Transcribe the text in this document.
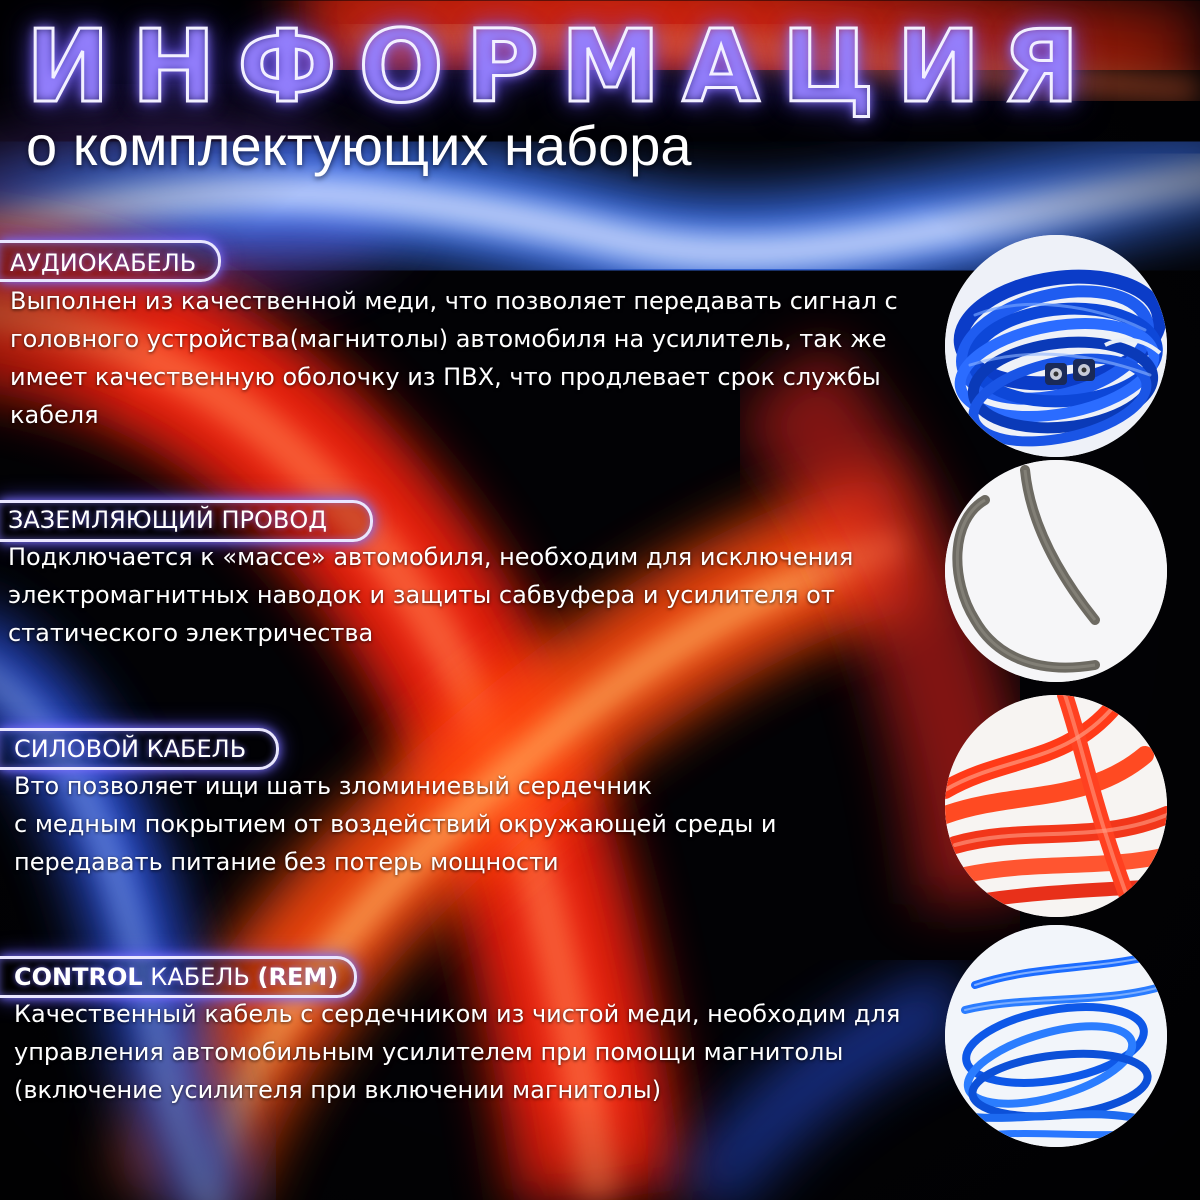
ИНФОРМАЦИЯ
о комплектующих набора
АУДИОКАБЕЛЬ
Выполнен из качественной меди, что позволяет передавать сигнал с
головного устройства(магнитолы) автомобиля на усилитель, так же
имеет качественную оболочку из ПВХ, что продлевает срок службы
кабеля
ЗАЗЕМЛЯЮЩИЙ ПРОВОД
Подключается к «массе» автомобиля, необходим для исключения
электромагнитных наводок и защиты сабвуфера и усилителя от
статического электричества
СИЛОВОЙ КАБЕЛЬ
Вто позволяет ищи шать зломиниевый сердечник
с медным покрытием от воздействий окружающей среды и
передавать питание без потерь мощности
CONTROL КАБЕЛЬ (REM)
Качественный кабель с сердечником из чистой меди, необходим для
управления автомобильным усилителем при помощи магнитолы
(включение усилителя при включении магнитолы)
